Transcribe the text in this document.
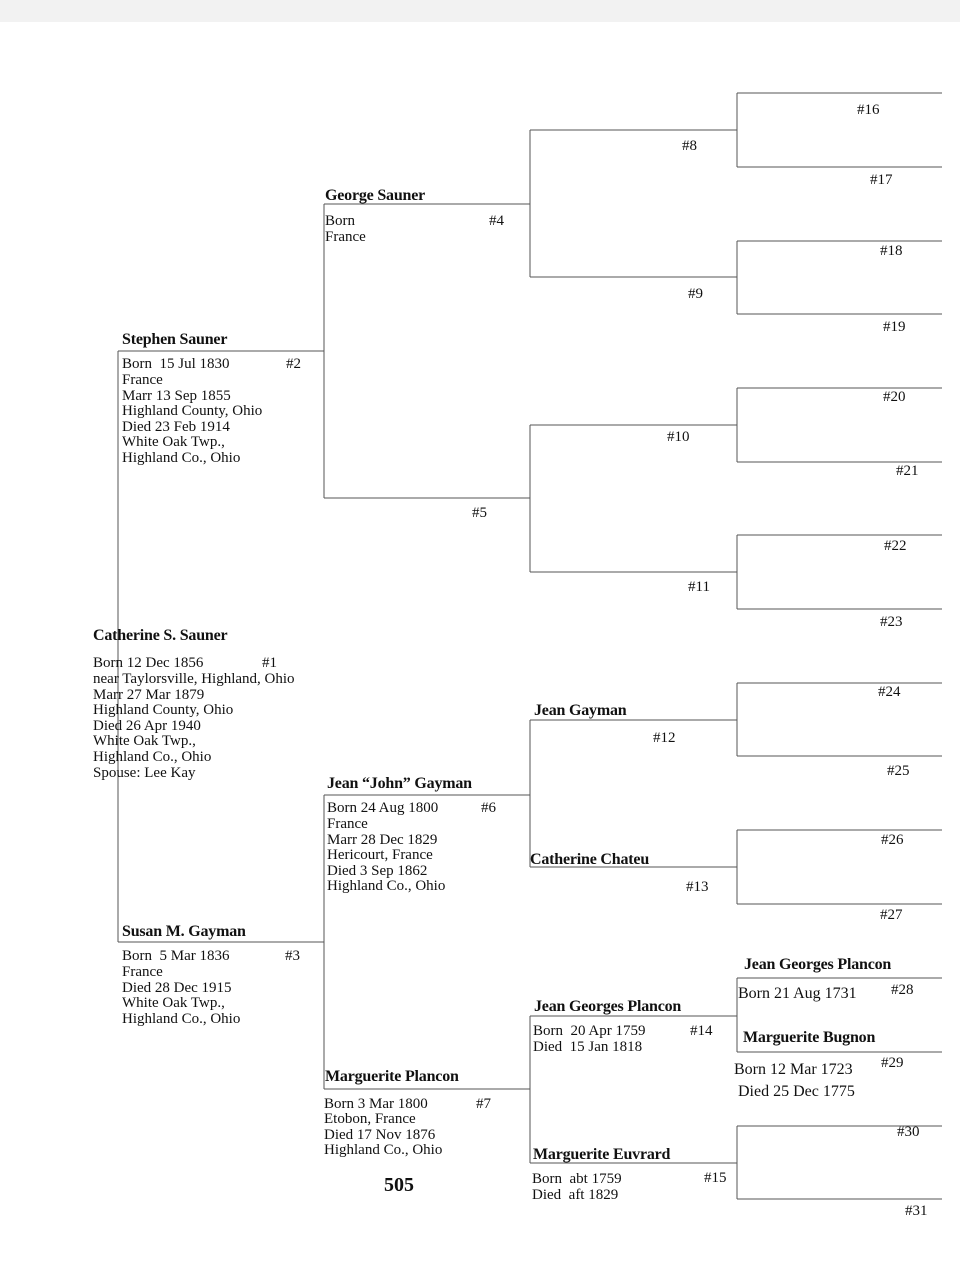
Catherine S. Sauner
Born 12 Dec 1856	#1
near Taylorsville, Highland, Ohio
Marr 27 Mar 1879
Highland County, Ohio
Died 26 Apr 1940
White Oak Twp.,
Highland Co., Ohio
Spouse: Lee Kay
Stephen Sauner
Born  15 Jul 1830	#2
France
Marr 13 Sep 1855
Highland County, Ohio
Died 23 Feb 1914
White Oak Twp.,
Highland Co., Ohio
Susan M. Gayman
Born  5 Mar 1836	#3
France
Died 28 Dec 1915
White Oak Twp.,
Highland Co., Ohio
George Sauner
Born	#4
France
#5
Jean “John” Gayman
Born 24 Aug 1800	#6
France
Marr 28 Dec 1829
Hericourt, France
Died 3 Sep 1862
Highland Co., Ohio
Marguerite Plancon
Born 3 Mar 1800	#7
Etobon, France
Died 17 Nov 1876
Highland Co., Ohio
#8
#9
#10
#11
Jean Gayman
#12
Catherine Chateu
#13
Jean Georges Plancon
Born  20 Apr 1759	#14
Died  15 Jan 1818
Marguerite Euvrard
Born  abt 1759	#15
Died  aft 1829
#16
#17
#18
#19
#20
#21
#22
#23
#24
#25
#26
#27
Jean Georges Plancon
Born 21 Aug 1731 #28
Marguerite Bugnon
Born 12 Mar 1723 #29
Died 25 Dec 1775
#30
#31
505
